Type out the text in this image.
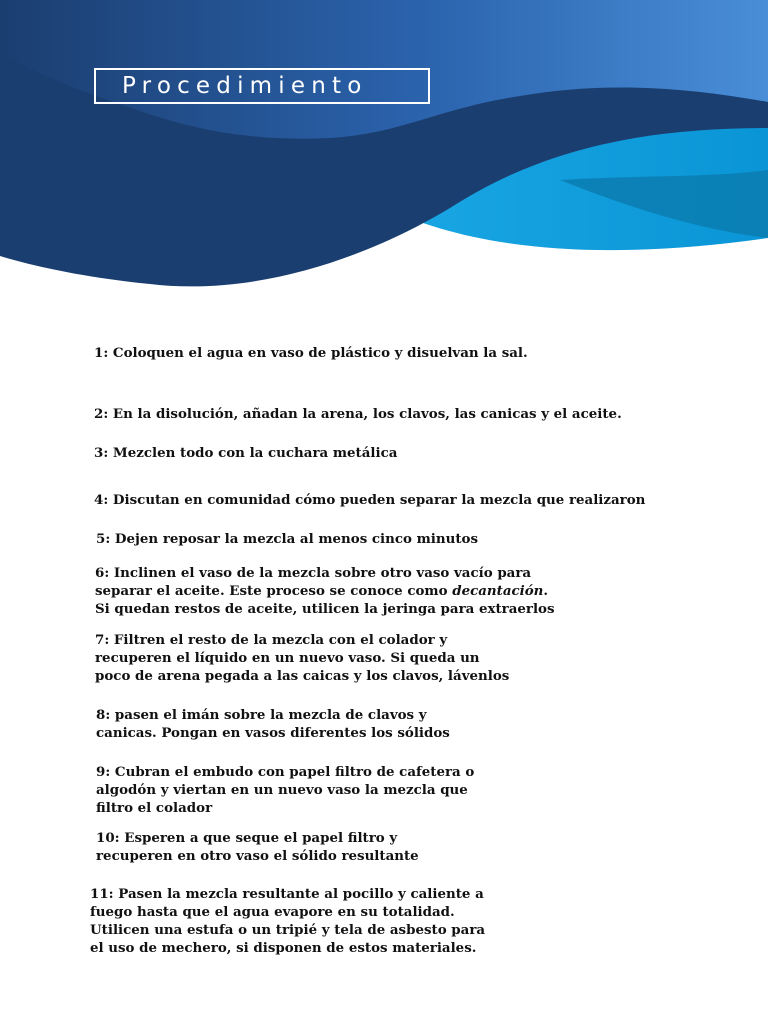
Procedimiento

1: Coloquen el agua en vaso de plástico y disuelvan la sal.

2: En la disolución, añadan la arena, los clavos, las canicas y el aceite.

3: Mezclen todo con la cuchara metálica

4: Discutan en comunidad cómo pueden separar la mezcla que realizaron

5: Dejen reposar la mezcla al menos cinco minutos

6: Inclinen el vaso de la mezcla sobre otro vaso vacío para
separar el aceite. Este proceso se conoce como decantación.
Si quedan restos de aceite, utilicen la jeringa para extraerlos

7: Filtren el resto de la mezcla con el colador y
recuperen el líquido en un nuevo vaso. Si queda un
poco de arena pegada a las caicas y los clavos, lávenlos

8: pasen el imán sobre la mezcla de clavos y
canicas. Pongan en vasos diferentes los sólidos

9: Cubran el embudo con papel filtro de cafetera o
algodón y viertan en un nuevo vaso la mezcla que
filtro el colador

10: Esperen a que seque el papel filtro y
recuperen en otro vaso el sólido resultante

11: Pasen la mezcla resultante al pocillo y caliente a
fuego hasta que el agua evapore en su totalidad.
Utilicen una estufa o un tripié y tela de asbesto para
el uso de mechero, si disponen de estos materiales.
